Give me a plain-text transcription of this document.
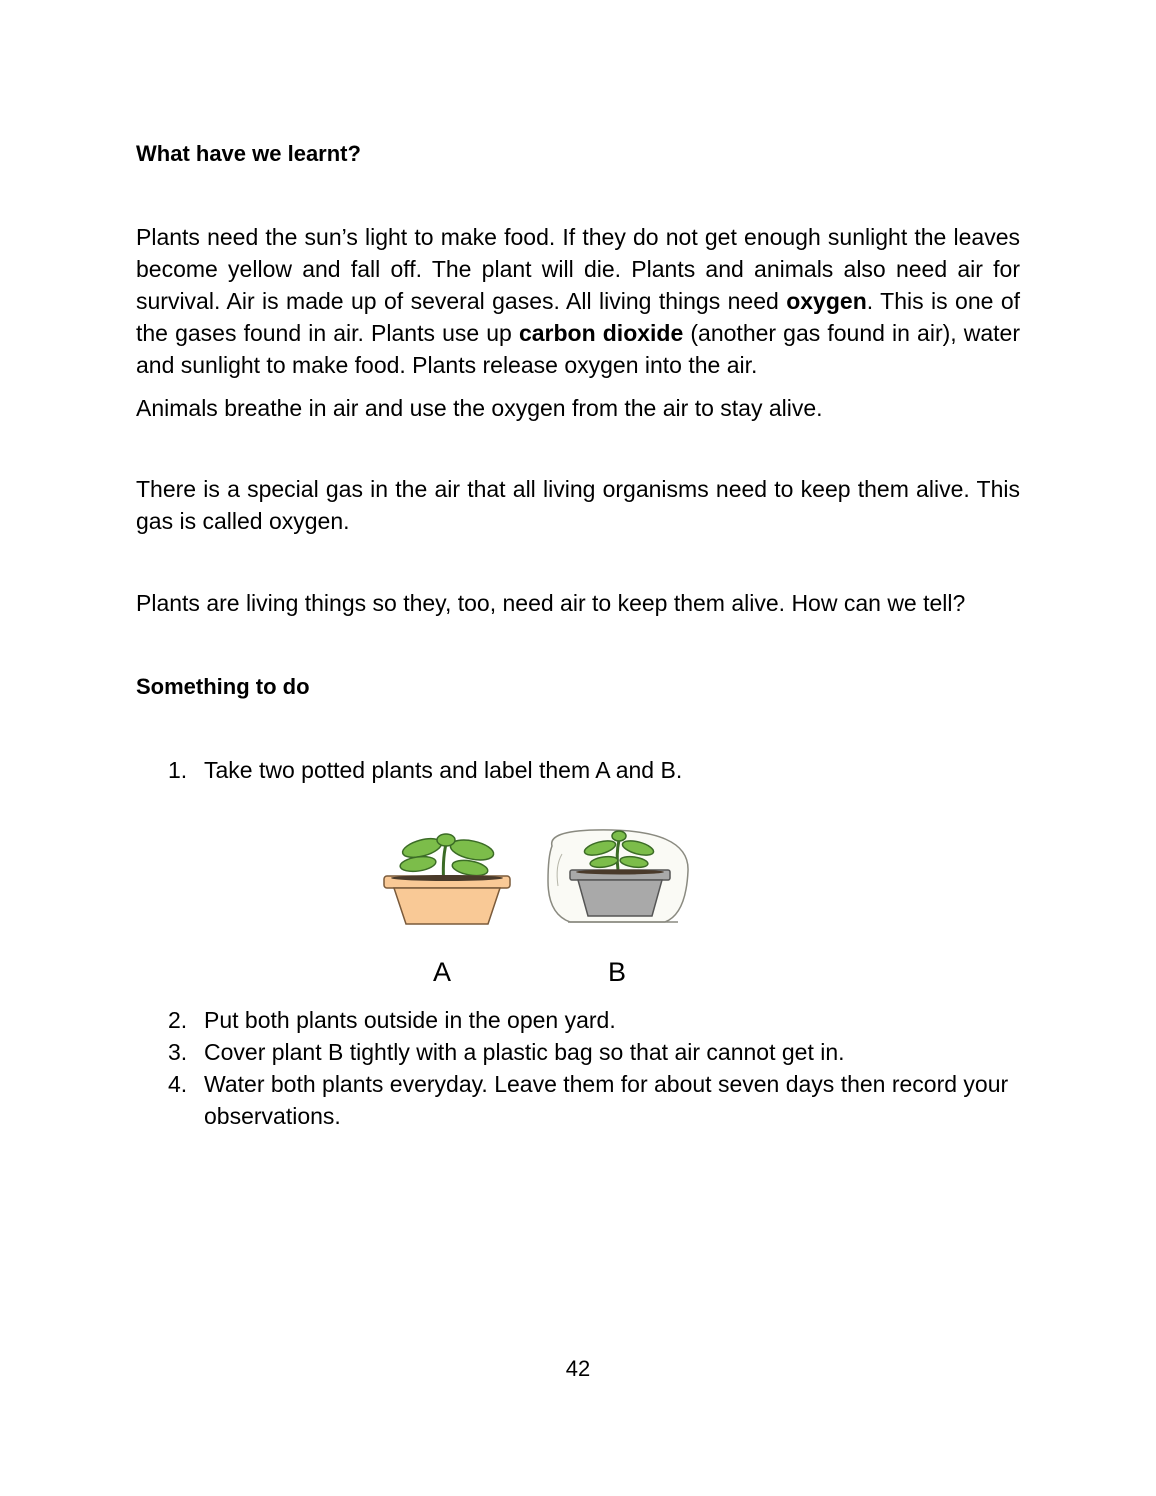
What have we learnt?

Plants need the sun’s light to make food. If they do not get enough sunlight the leaves become yellow and fall off. The plant will die. Plants and animals also need air for survival. Air is made up of several gases. All living things need oxygen. This is one of the gases found in air. Plants use up carbon dioxide (another gas found in air), water and sunlight to make food. Plants release oxygen into the air.

Animals breathe in air and use the oxygen from the air to stay alive.

There is a special gas in the air that all living organisms need to keep them alive. This gas is called oxygen.

Plants are living things so they, too, need air to keep them alive. How can we tell?

Something to do
1. Take two potted plants and label them A and B.
A	B
2. Put both plants outside in the open yard.
3. Cover plant B tightly with a plastic bag so that air cannot get in.
4. Water both plants everyday. Leave them for about seven days then record your observations.
42
